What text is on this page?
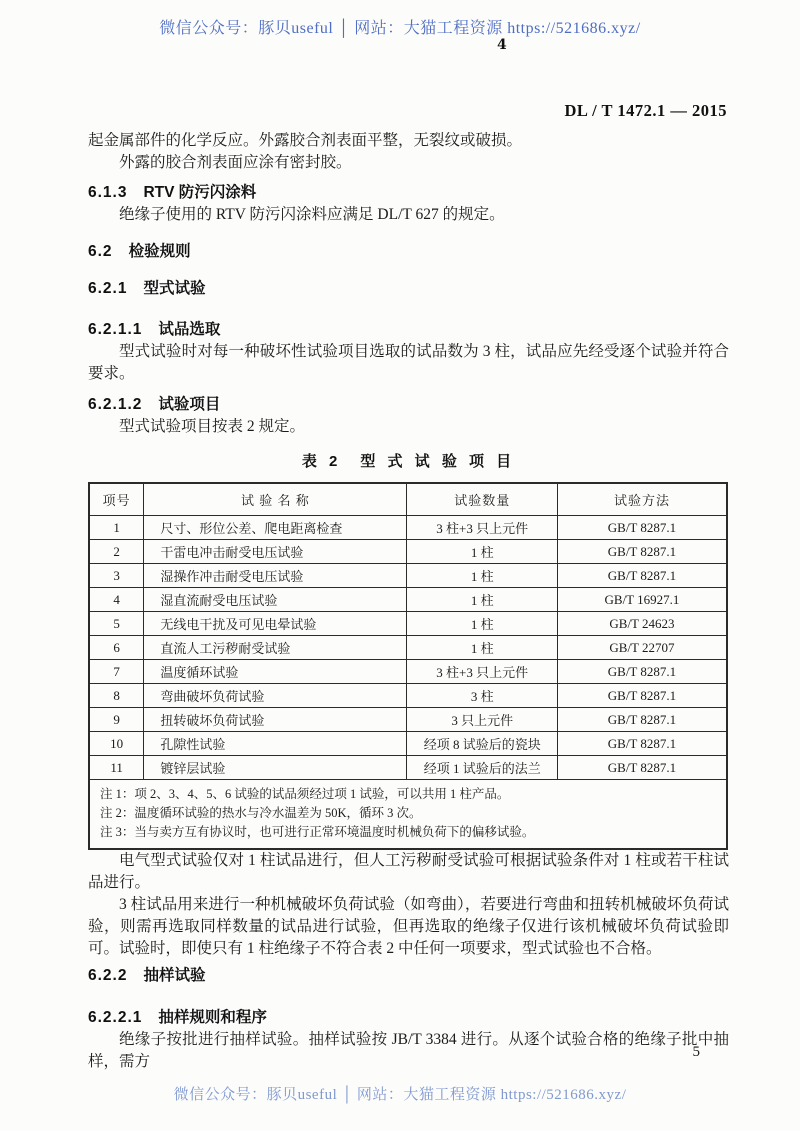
微信公众号：豚贝useful │ 网站：大猫工程资源 https://521686.xyz/
4
DL / T 1472.1 — 2015

起金属部件的化学反应。外露胶合剂表面平整，无裂纹或破损。

外露的胶合剂表面应涂有密封胶。

6.1.3 RTV 防污闪涂料

绝缘子使用的 RTV 防污闪涂料应满足 DL/T 627 的规定。

6.2 检验规则

6.2.1 型式试验

6.2.1.1 试品选取

型式试验时对每一种破坏性试验项目选取的试品数为 3 柱，试品应先经受逐个试验并符合要求。

6.2.1.2 试验项目

型式试验项目按表 2 规定。

表 2　型 式 试 验 项 目

项号	试 验 名 称	试验数量	试验方法
1	尺寸、形位公差、爬电距离检查	3 柱+3 只上元件	GB/T 8287.1
2	干雷电冲击耐受电压试验	1 柱	GB/T 8287.1
3	湿操作冲击耐受电压试验	1 柱	GB/T 8287.1
4	湿直流耐受电压试验	1 柱	GB/T 16927.1
5	无线电干扰及可见电晕试验	1 柱	GB/T 24623
6	直流人工污秽耐受试验	1 柱	GB/T 22707
7	温度循环试验	3 柱+3 只上元件	GB/T 8287.1
8	弯曲破坏负荷试验	3 柱	GB/T 8287.1
9	扭转破坏负荷试验	3 只上元件	GB/T 8287.1
10	孔隙性试验	经项 8 试验后的瓷块	GB/T 8287.1
11	镀锌层试验	经项 1 试验后的法兰	GB/T 8287.1

注 1：项 2、3、4、5、6 试验的试品须经过项 1 试验，可以共用 1 柱产品。

注 2：温度循环试验的热水与冷水温差为 50K，循环 3 次。

注 3：当与卖方互有协议时，也可进行正常环境温度时机械负荷下的偏移试验。			

电气型式试验仅对 1 柱试品进行，但人工污秽耐受试验可根据试验条件对 1 柱或若干柱试品进行。

3 柱试品用来进行一种机械破坏负荷试验（如弯曲），若要进行弯曲和扭转机械破坏负荷试验，则需再选取同样数量的试品进行试验，但再选取的绝缘子仅进行该机械破坏负荷试验即可。试验时，即使只有 1 柱绝缘子不符合表 2 中任何一项要求，型式试验也不合格。

6.2.2 抽样试验

6.2.2.1 抽样规则和程序

绝缘子按批进行抽样试验。抽样试验按 JB/T 3384 进行。从逐个试验合格的绝缘子批中抽样，需方

5
微信公众号：豚贝useful │ 网站：大猫工程资源 https://521686.xyz/
